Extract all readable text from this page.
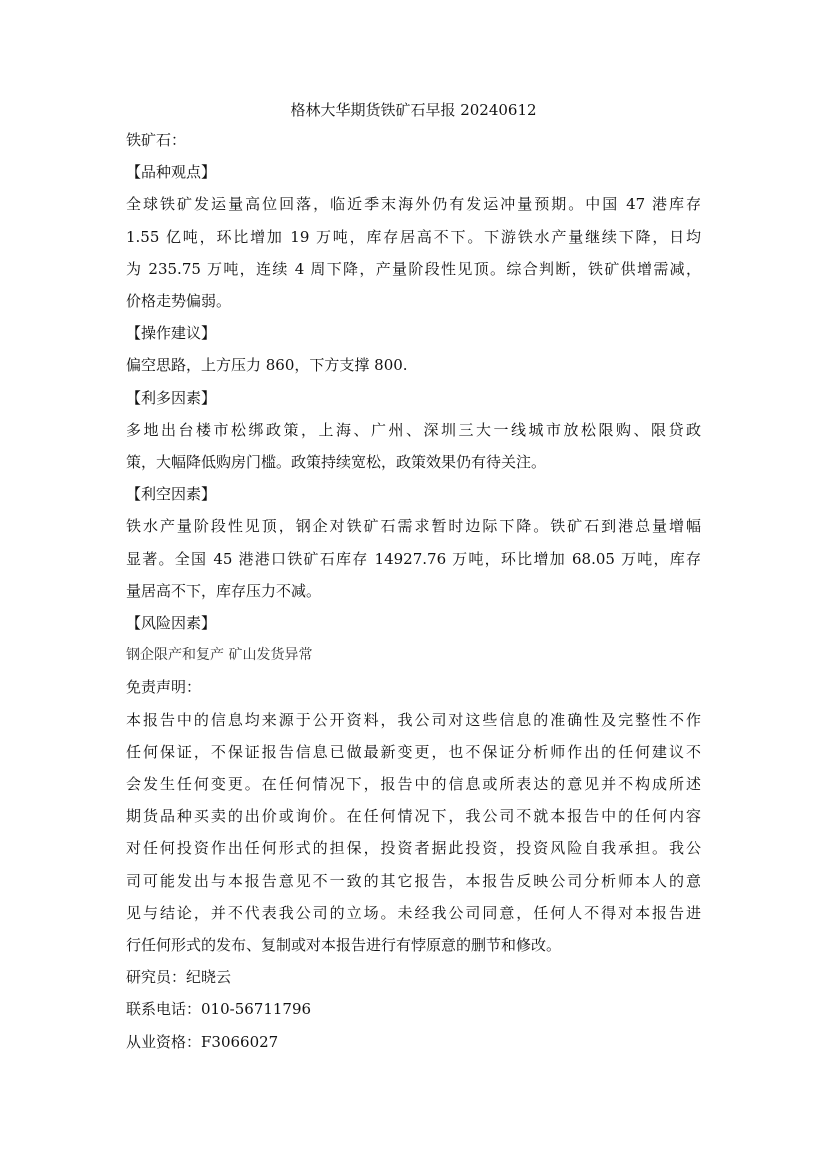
格林大华期货铁矿石早报 20240612

铁矿石：

【品种观点】

全球铁矿发运量高位回落，临近季末海外仍有发运冲量预期。中国 47 港库存
1.55 亿吨，环比增加 19 万吨，库存居高不下。下游铁水产量继续下降，日均
为 235.75 万吨，连续 4 周下降，产量阶段性见顶。综合判断，铁矿供增需减，
价格走势偏弱。

【操作建议】

偏空思路，上方压力 860，下方支撑 800.

【利多因素】

多地出台楼市松绑政策，上海、广州、深圳三大一线城市放松限购、限贷政
策，大幅降低购房门槛。政策持续宽松，政策效果仍有待关注。

【利空因素】

铁水产量阶段性见顶，钢企对铁矿石需求暂时边际下降。铁矿石到港总量增幅
显著。全国 45 港港口铁矿石库存 14927.76 万吨，环比增加 68.05 万吨，库存
量居高不下，库存压力不减。

【风险因素】

钢企限产和复产 矿山发货异常

免责声明：

本报告中的信息均来源于公开资料，我公司对这些信息的准确性及完整性不作
任何保证，不保证报告信息已做最新变更，也不保证分析师作出的任何建议不
会发生任何变更。在任何情况下，报告中的信息或所表达的意见并不构成所述
期货品种买卖的出价或询价。在任何情况下，我公司不就本报告中的任何内容
对任何投资作出任何形式的担保，投资者据此投资，投资风险自我承担。我公
司可能发出与本报告意见不一致的其它报告，本报告反映公司分析师本人的意
见与结论，并不代表我公司的立场。未经我公司同意，任何人不得对本报告进
行任何形式的发布、复制或对本报告进行有悖原意的删节和修改。

研究员：纪晓云

联系电话：010-56711796

从业资格：F3066027
